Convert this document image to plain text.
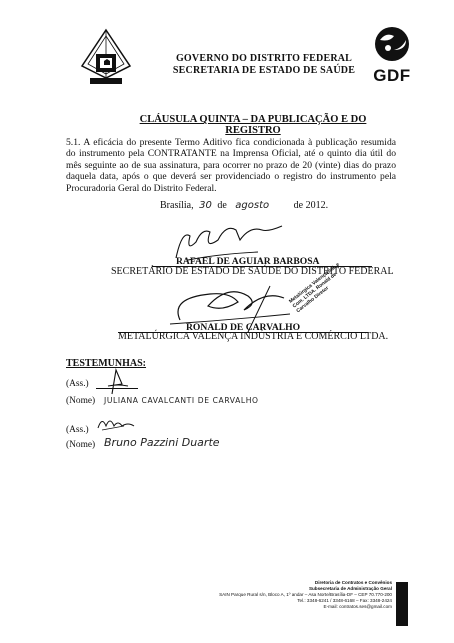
GOVERNO DO DISTRITO FEDERAL
SECRETARIA DE ESTADO DE SAÚDE	GDF
CLÁUSULA QUINTA – DA PUBLICAÇÃO E DO REGISTRO
5.1. A eficácia do presente Termo Aditivo fica condicionada à publicação resumida do instrumento pela CONTRATANTE na Imprensa Oficial, até o quinto dia útil do mês seguinte ao de sua assinatura, para ocorrer no prazo de 20 (vinte) dias do prazo daquela data, após o que deverá ser providenciado o registro do instrumento pela Procuradoria Geral do Distrito Federal.
Brasília, 30 de agosto de 2012.
RAFAEL DE AGUIAR BARBOSA
SECRETÁRIO DE ESTADO DE SAÚDE DO DISTRITO FEDERAL
Metalúrgica Valença Ind. e Com. LTDA. Ronald de Carvalho Diretor
RONALD DE CARVALHO
METALÚRGICA VALENÇA INDÚSTRIA E COMÉRCIO LTDA.
TESTEMUNHAS:
(Ass.)
(Nome) JULIANA CAVALCANTI DE CARVALHO
(Ass.)
(Nome) Bruno Pazzini Duarte
Diretoria de Contratos e Convênios
Subsecretaria de Administração Geral
SAIN Parque Rural s/n, Bloco A, 1º andar – Asa Norte/Brasília-DF – CEP 70.770-200
Tel.: 3348-6241 / 3348-6168 – Fax: 3348-2424
E-mail: contratos.ses@gmail.com
